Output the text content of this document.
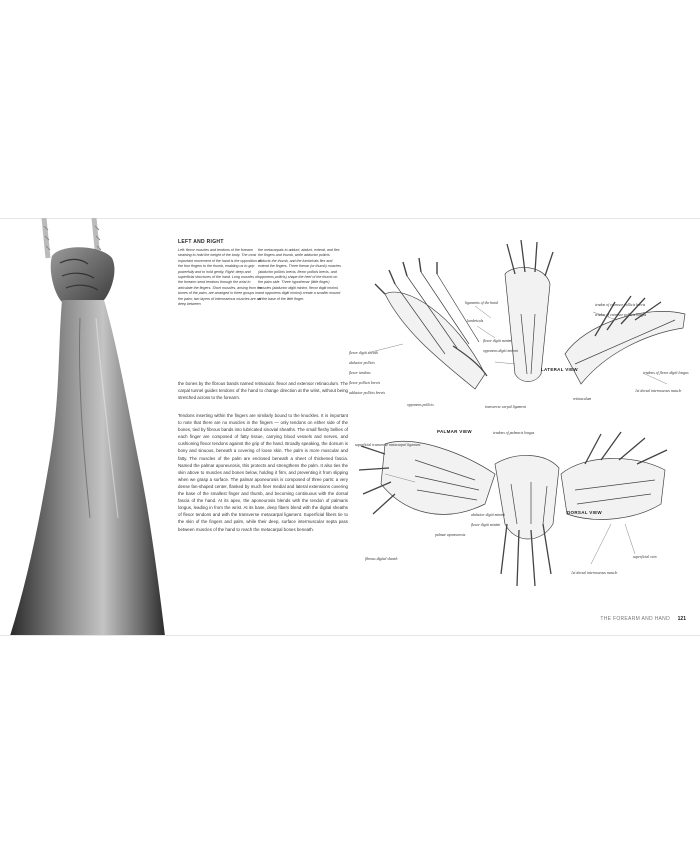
LEFT AND RIGHT
Left: flexor muscles and tendons of the forearm straining to hold the weight of the body. The most important movement of the hand is the opposition of the four fingers to the thumb, enabling us to grip powerfully and to hold gently. Right: deep and superficial structures of the hand. Long muscles of the forearm send tendons through the wrist to articulate the fingers. Short muscles, arising from the bones of the palm, are arranged in three groups in the palm; two layers of interosseous muscles are set deep between
the metacarpals to adduct, abduct, extend, and flex the fingers and thumb, while adductor pollicis adducts the thumb, and the lumbricals flex and extend the fingers. Three thenar (or thumb) muscles (abductor pollicis brevis, flexor pollicis brevis, and opponens pollicis) shape the heel of the thumb on the palm side. Three hypothenar (little finger) muscles (abductor digiti minimi, flexor digiti minimi, and opponens digiti minimi) create a smaller mound at the base of the little finger.
the bones by the fibrous bands named retinacula: flexor and extensor retinaculum. The carpal tunnel guides tendons of the hand to change direction at the wrist, without being stretched across to the forearm.
Tendons inserting within the fingers are similarly bound to the knuckles. It is important to note that there are no muscles in the fingers — only tendons on either side of the bones, tied by fibrous bands into lubricated sinovial sheaths. The small fleshy bellies of each finger are composed of fatty tissue, carrying blood vessels and nerves, and cushioning flexor tendons against the grip of the hand. Broadly speaking, the dorsum is bony and sinuous, beneath a covering of loose skin. The palm is more muscular and fatty. The muscles of the palm are enclosed beneath a sheet of thickened fascia. Named the palmar aponeurosis, this protects and strengthens the palm. It also ties the skin above to muscles and bones below, holding it firm, and preventing it from slipping when we grasp a surface. The palmar aponeurosis is composed of three parts: a very dense fan-shaped center, flanked by much finer medial and lateral extensions covering the base of the smallest finger and thumb, and becoming continuous with the dorsal fascia of the hand. At its apex, the aponeurosis blends with the tendon of palmaris longus, leading in from the wrist. At its base, deep fibers blend with the digital sheaths of flexor tendons and with the transverse metacarpal ligament. Superficial fibers tie to the skin of the fingers and palm, while their deep, surface intermuscular septa pass between muscles of the hand to reach the metacarpal bones beneath.
LATERAL VIEW
PALMAR VIEW
DORSAL VIEW
ligaments of the hand
lumbricals
flexor digiti minimi
opponens digiti minimi
flexor digiti sheath
abductor pollicis
flexor tendons
flexor pollicis brevis
adductor pollicis brevis
opponens pollicis	transverse carpal ligament
tendon of extensor pollicis brevis
tendon of extensor pollicis longus
tendons of flexor digiti longus
1st dorsal interosseous muscle
retinaculum
superficial transverse metacarpal ligament
tendons of palmaris longus
abductor digiti minimi
flexor digiti minimi
palmar aponeurosis
fibrous digital sheath	superficial vein
1st dorsal interosseous muscle
THE FOREARM AND HAND 121
